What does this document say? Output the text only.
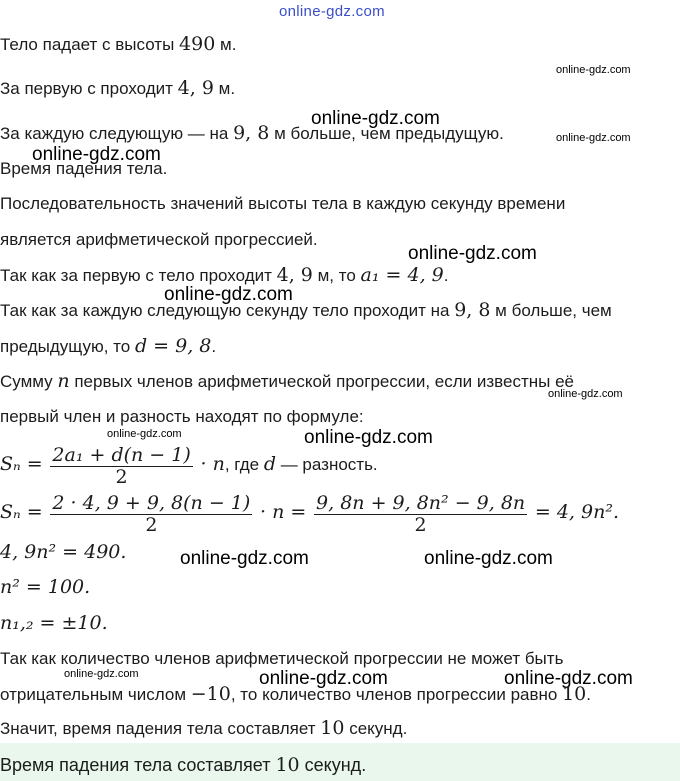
online-gdz.com
online-gdz.com
online-gdz.com
online-gdz.com
online-gdz.com
online-gdz.com
online-gdz.com
online-gdz.com
online-gdz.com	online-gdz.com
online-gdz.com	online-gdz.com
online-gdz.com	online-gdz.com	online-gdz.com
Тело падает с высоты 490 м.
За первую с проходит 4, 9 м.
За каждую следующую — на 9, 8 м больше, чем предыдущую.
Время падения тела.
Последовательность значений высоты тела в каждую секунду времени
является арифметической прогрессией.
Так как за первую с тело проходит 4, 9 м, то a₁ = 4, 9.
Так как за каждую следующую секунду тело проходит на 9, 8 м больше, чем
предыдущую, то d = 9, 8.
Сумму n первых членов арифметической прогрессии, если известны её
первый член и разность находят по формуле:
$S_n = \frac{\text{2a₁ + d(n − 1)}}{2} \cdot n$, где d — разность.
$S_n = \frac{2 \cdot 4, 9 + 9, 8(n - 1)}{2} \cdot n = \frac{\text{9, 8n + 9, 8n² − 9, 8n}}{2} = 4$, 9n².
4, 9n² = 490.
n² = 100.
n₁,₂ = ±10.
Так как количество членов арифметической прогрессии не может быть
отрицательным числом −10, то количество членов прогрессии равно 10.
Значит, время падения тела составляет 10 секунд.
Время падения тела составляет 10 секунд.
